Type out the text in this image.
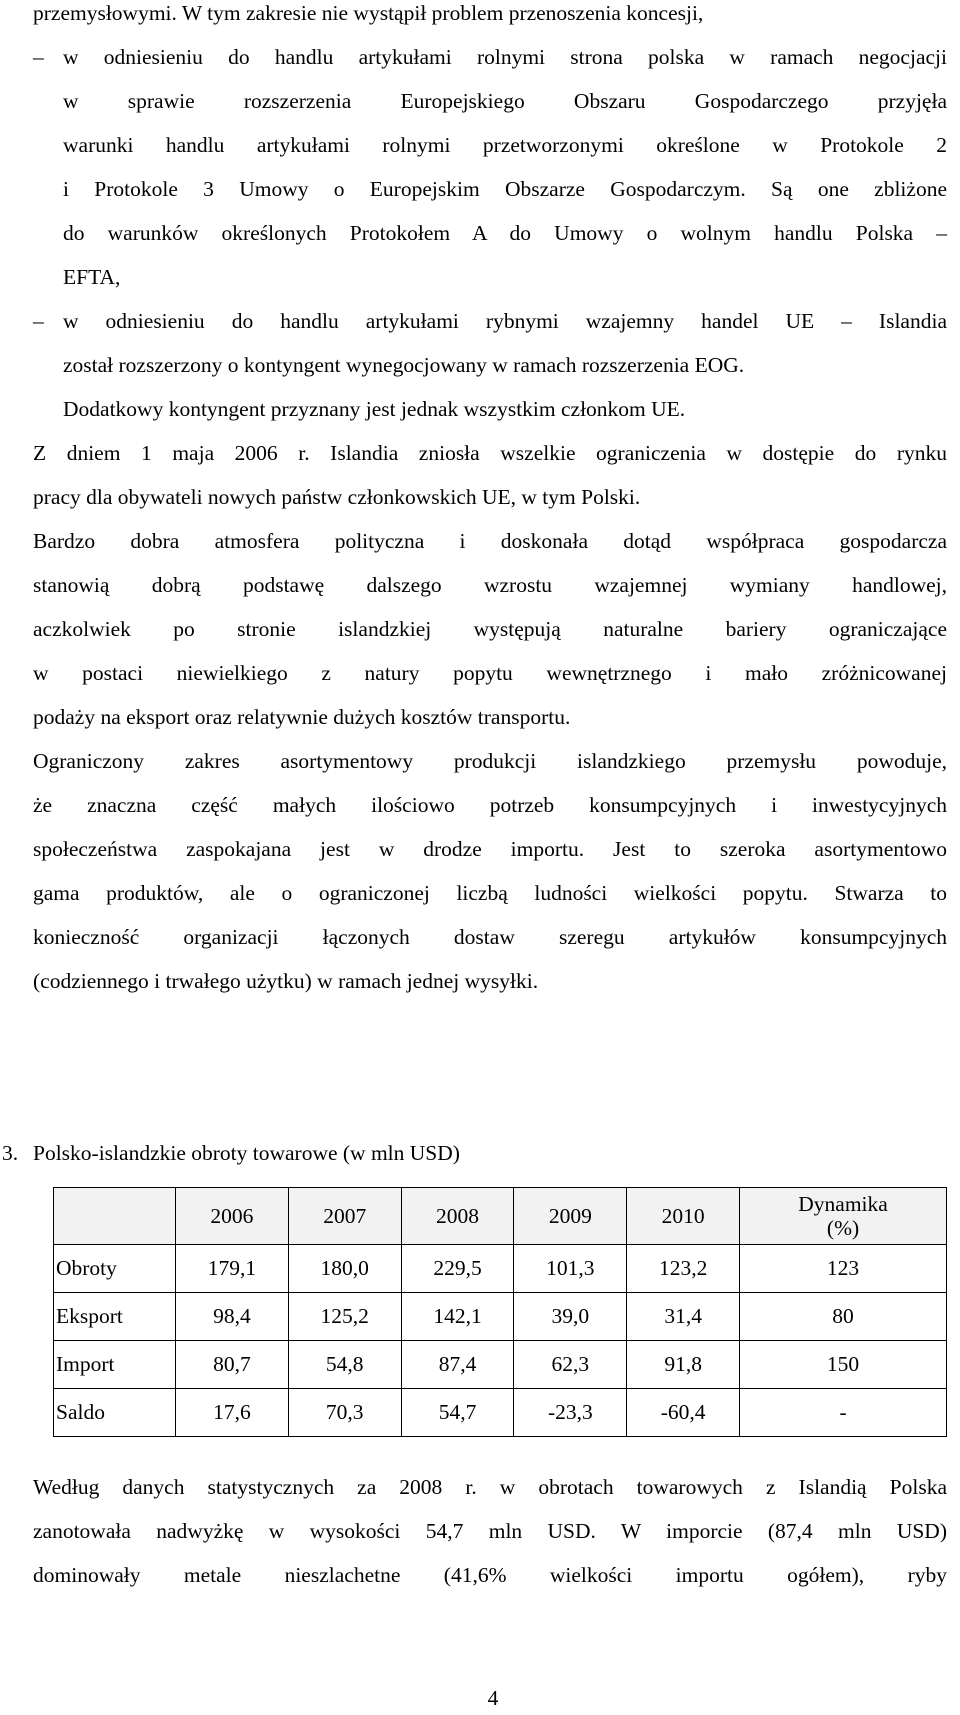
przemysłowymi. W tym zakresie nie wystąpił problem przenoszenia koncesji,
– w odniesieniu do handlu artykułami rolnymi strona polska w ramach negocjacji
w sprawie rozszerzenia Europejskiego Obszaru Gospodarczego przyjęła
warunki handlu artykułami rolnymi przetworzonymi określone w Protokole 2
i Protokole 3 Umowy o Europejskim Obszarze Gospodarczym. Są one zbliżone
do warunków określonych Protokołem A do Umowy o wolnym handlu Polska –
EFTA,
– w odniesieniu do handlu artykułami rybnymi wzajemny handel UE – Islandia
został rozszerzony o kontyngent wynegocjowany w ramach rozszerzenia EOG.
Dodatkowy kontyngent przyznany jest jednak wszystkim członkom UE.
Z dniem 1 maja 2006 r. Islandia zniosła wszelkie ograniczenia w dostępie do rynku
pracy dla obywateli nowych państw członkowskich UE, w tym Polski.
Bardzo dobra atmosfera polityczna i doskonała dotąd współpraca gospodarcza
stanowią dobrą podstawę dalszego wzrostu wzajemnej wymiany handlowej,
aczkolwiek po stronie islandzkiej występują naturalne bariery ograniczające
w postaci niewielkiego z natury popytu wewnętrznego i mało zróżnicowanej
podaży na eksport oraz relatywnie dużych kosztów transportu.
Ograniczony zakres asortymentowy produkcji islandzkiego przemysłu powoduje,
że znaczna część małych ilościowo potrzeb konsumpcyjnych i inwestycyjnych
społeczeństwa zaspokajana jest w drodze importu. Jest to szeroka asortymentowo
gama produktów, ale o ograniczonej liczbą ludności wielkości popytu. Stwarza to
konieczność organizacji łączonych dostaw szeregu artykułów konsumpcyjnych
(codziennego i trwałego użytku) w ramach jednej wysyłki.
3. Polsko-islandzkie obroty towarowe (w mln USD)
	2006	2007	2008	2009	2010	Dynamika
(%)

Obroty	179,1	180,0	229,5	101,3	123,2	123
Eksport	98,4	125,2	142,1	39,0	31,4	80
Import	80,7	54,8	87,4	62,3	91,8	150
Saldo	17,6	70,3	54,7	-23,3	-60,4	-
Według danych statystycznych za 2008 r. w obrotach towarowych z Islandią Polska
zanotowała nadwyżkę w wysokości 54,7 mln USD. W imporcie (87,4 mln USD)
dominowały metale nieszlachetne (41,6% wielkości importu ogółem), ryby
4
